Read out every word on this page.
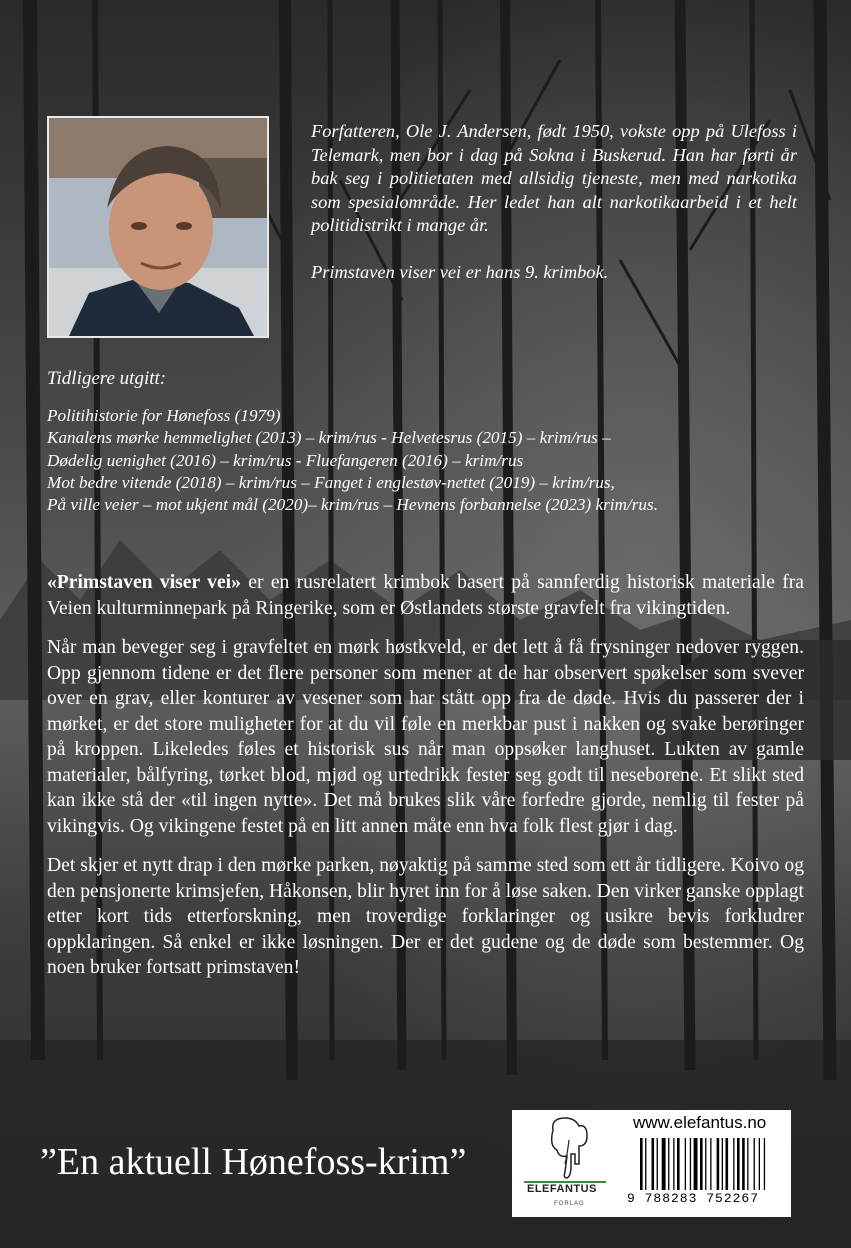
Forfatteren, Ole J. Andersen, født 1950, vokste opp på Ulefoss i Telemark, men bor i dag på Sokna i Buskerud. Han har førti år bak seg i politietaten med allsidig tjeneste, men med narkotika som spesialområde. Her ledet han alt narkotikaarbeid i et helt politidistrikt i mange år.

Primstaven viser vei er hans 9. krimbok.

Tidligere utgitt:

Politihistorie for Hønefoss (1979)
Kanalens mørke hemmelighet (2013) – krim/rus - Helvetesrus (2015) – krim/rus –
Dødelig uenighet (2016) – krim/rus - Fluefangeren (2016) – krim/rus
Mot bedre vitende (2018) – krim/rus – Fanget i englestøv-nettet (2019) – krim/rus,
På ville veier – mot ukjent mål (2020)– krim/rus – Hevnens forbannelse (2023) krim/rus.

«Primstaven viser vei» er en rusrelatert krimbok basert på sannferdig historisk materiale fra Veien kulturminnepark på Ringerike, som er Østlandets største gravfelt fra vikingtiden.

Når man beveger seg i gravfeltet en mørk høstkveld, er det lett å få frysninger nedover ryggen. Opp gjennom tidene er det flere personer som mener at de har observert spøkelser som svever over en grav, eller konturer av vesener som har stått opp fra de døde. Hvis du passerer der i mørket, er det store muligheter for at du vil føle en merkbar pust i nakken og svake berøringer på kroppen. Likeledes føles et historisk sus når man oppsøker langhuset. Lukten av gamle materialer, bålfyring, tørket blod, mjød og urtedrikk fester seg godt til neseborene. Et slikt sted kan ikke stå der «til ingen nytte». Det må brukes slik våre forfedre gjorde, nemlig til fester på vikingvis. Og vikingene festet på en litt annen måte enn hva folk flest gjør i dag.

Det skjer et nytt drap i den mørke parken, nøyaktig på samme sted som ett år tidligere. Koivo og den pensjonerte krimsjefen, Håkonsen, blir hyret inn for å løse saken. Den virker ganske opplagt etter kort tids etterforskning, men troverdige forklaringer og usikre bevis forkludrer oppklaringen. Så enkel er ikke løsningen. Der er det gudene og de døde som bestemmer. Og noen bruker fortsatt primstaven!

”En aktuell Hønefoss-krim”
www.elefantus.no
ELEFANTUS
FORLAG	9 788283 752267
